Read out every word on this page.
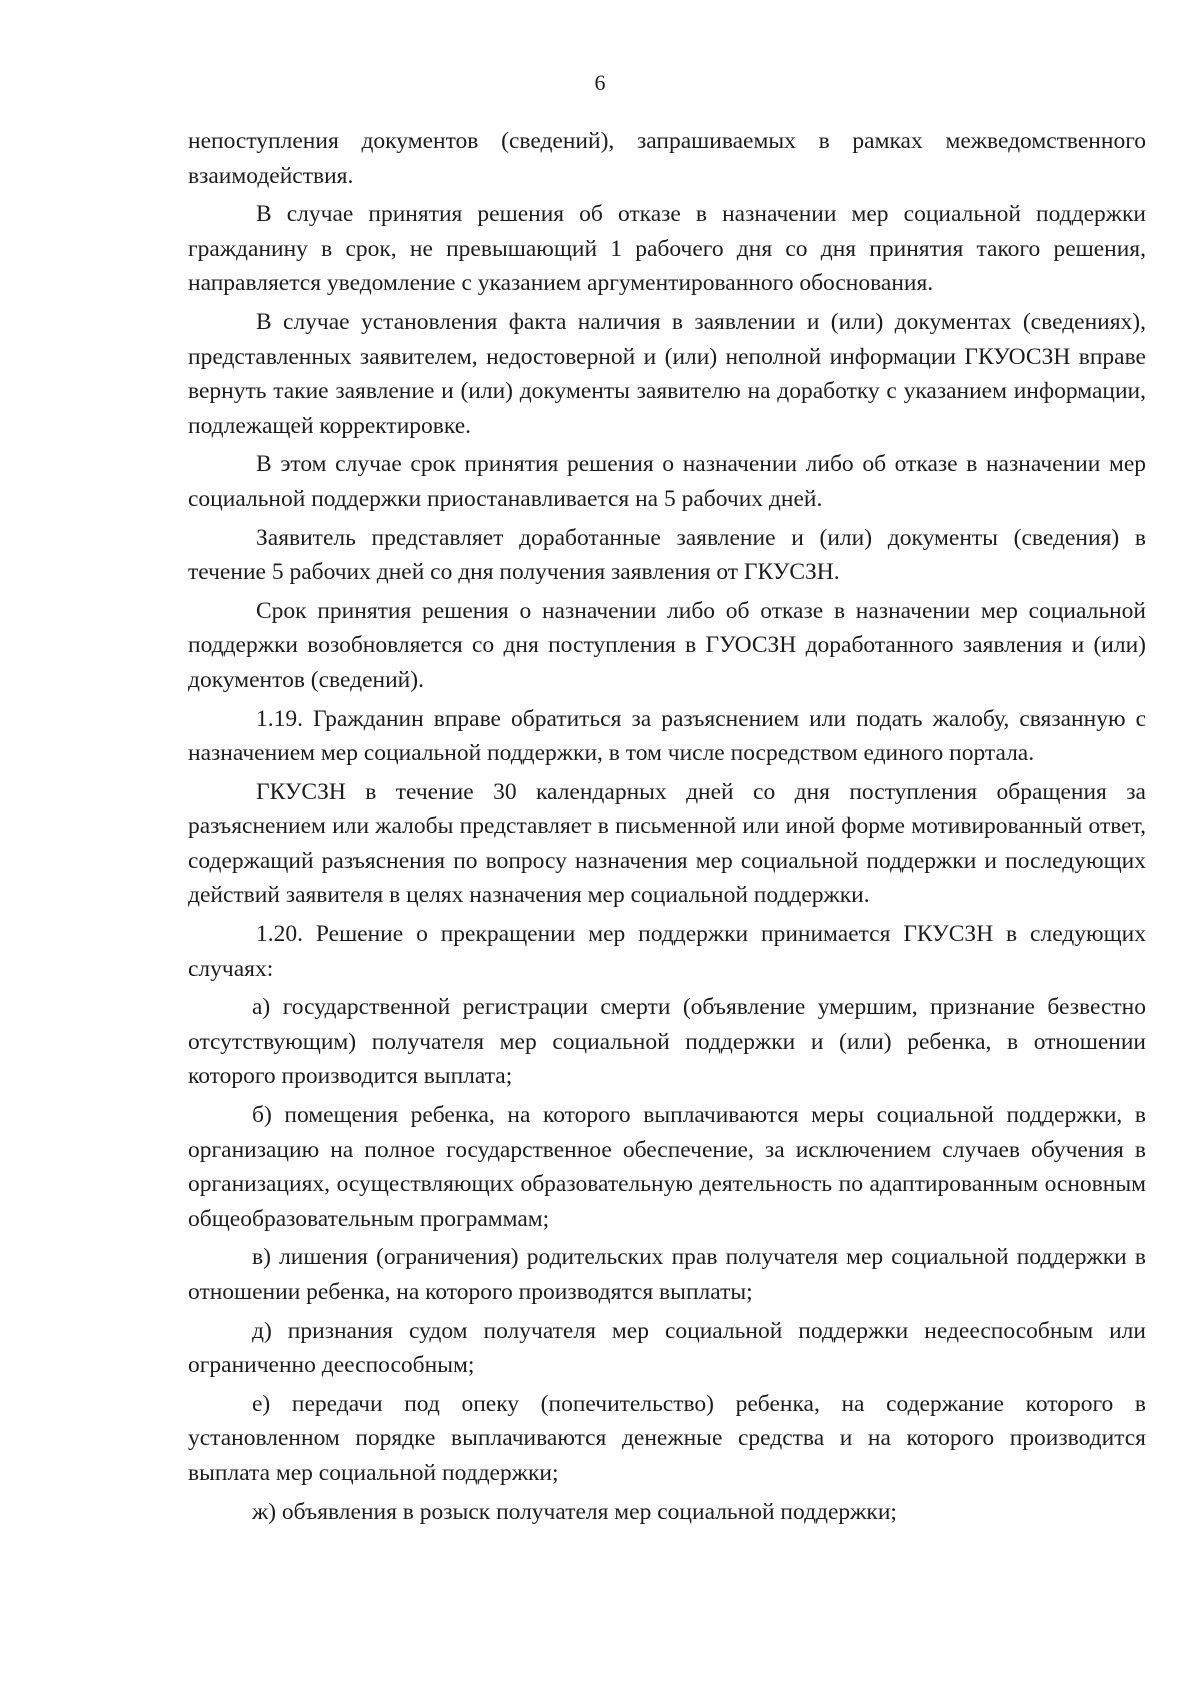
6

непоступления документов (сведений), запрашиваемых в рамках межведомственного взаимодействия.

В случае принятия решения об отказе в назначении мер социальной поддержки гражданину в срок, не превышающий 1 рабочего дня со дня принятия такого решения, направляется уведомление с указанием аргументированного обоснования.

В случае установления факта наличия в заявлении и (или) документах (сведениях), представленных заявителем, недостоверной и (или) неполной информации ГКУОСЗН вправе вернуть такие заявление и (или) документы заявителю на доработку с указанием информации, подлежащей корректировке.

В этом случае срок принятия решения о назначении либо об отказе в назначении мер социальной поддержки приостанавливается на 5 рабочих дней.

Заявитель представляет доработанные заявление и (или) документы (сведения) в течение 5 рабочих дней со дня получения заявления от ГКУСЗН.

Срок принятия решения о назначении либо об отказе в назначении мер социальной поддержки возобновляется со дня поступления в ГУОСЗН доработанного заявления и (или) документов (сведений).

1.19. Гражданин вправе обратиться за разъяснением или подать жалобу, связанную с назначением мер социальной поддержки, в том числе посредством единого портала.

ГКУСЗН в течение 30 календарных дней со дня поступления обращения за разъяснением или жалобы представляет в письменной или иной форме мотивированный ответ, содержащий разъяснения по вопросу назначения мер социальной поддержки и последующих действий заявителя в целях назначения мер социальной поддержки.

1.20. Решение о прекращении мер поддержки принимается ГКУСЗН в следующих случаях:

а) государственной регистрации смерти (объявление умершим, признание безвестно отсутствующим) получателя мер социальной поддержки и (или) ребенка, в отношении которого производится выплата;

б) помещения ребенка, на которого выплачиваются меры социальной поддержки, в организацию на полное государственное обеспечение, за исключением случаев обучения в организациях, осуществляющих образовательную деятельность по адаптированным основным общеобразовательным программам;

в) лишения (ограничения) родительских прав получателя мер социальной поддержки в отношении ребенка, на которого производятся выплаты;

д) признания судом получателя мер социальной поддержки недееспособным или ограниченно дееспособным;

е) передачи под опеку (попечительство) ребенка, на содержание которого в установленном порядке выплачиваются денежные средства и на которого производится выплата мер социальной поддержки;

ж) объявления в розыск получателя мер социальной поддержки;
